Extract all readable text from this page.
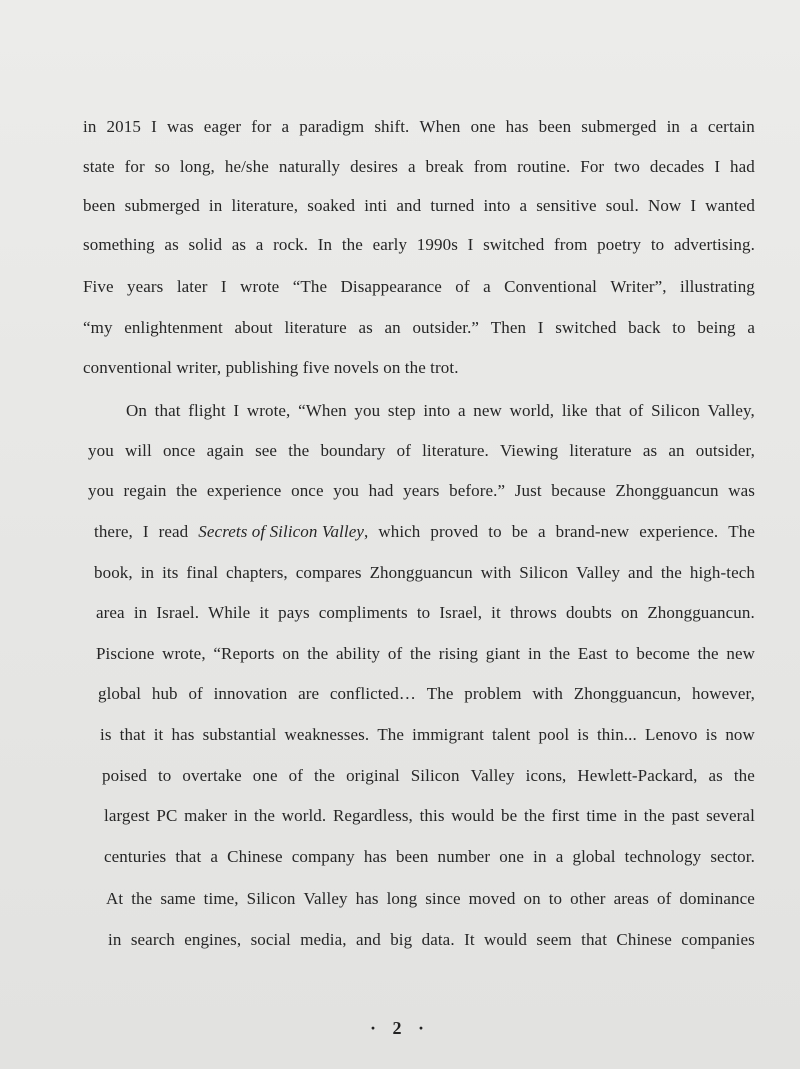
in 2015 I was eager for a paradigm shift. When one has been submerged in a certain
state for so long, he/she naturally desires a break from routine. For two decades I had
been submerged in literature, soaked inti and turned into a sensitive soul. Now I wanted
something as solid as a rock. In the early 1990s I switched from poetry to advertising.
Five years later I wrote “The Disappearance of a Conventional Writer”, illustrating
“my enlightenment about literature as an outsider.” Then I switched back to being a
conventional writer, publishing five novels on the trot.
On that flight I wrote, “When you step into a new world, like that of Silicon Valley,
you will once again see the boundary of literature. Viewing literature as an outsider,
you regain the experience once you had years before.” Just because Zhongguancun was
there, I read Secrets of Silicon Valley, which proved to be a brand-new experience. The
book, in its final chapters, compares Zhongguancun with Silicon Valley and the high-tech
area in Israel. While it pays compliments to Israel, it throws doubts on Zhongguancun.
Piscione wrote, “Reports on the ability of the rising giant in the East to become the new
global hub of innovation are conflicted… The problem with Zhongguancun, however,
is that it has substantial weaknesses. The immigrant talent pool is thin... Lenovo is now
poised to overtake one of the original Silicon Valley icons, Hewlett-Packard, as the
largest PC maker in the world. Regardless, this would be the first time in the past several
centuries that a Chinese company has been number one in a global technology sector.
At the same time, Silicon Valley has long since moved on to other areas of dominance
in search engines, social media, and big data. It would seem that Chinese companies
· 2 ·
